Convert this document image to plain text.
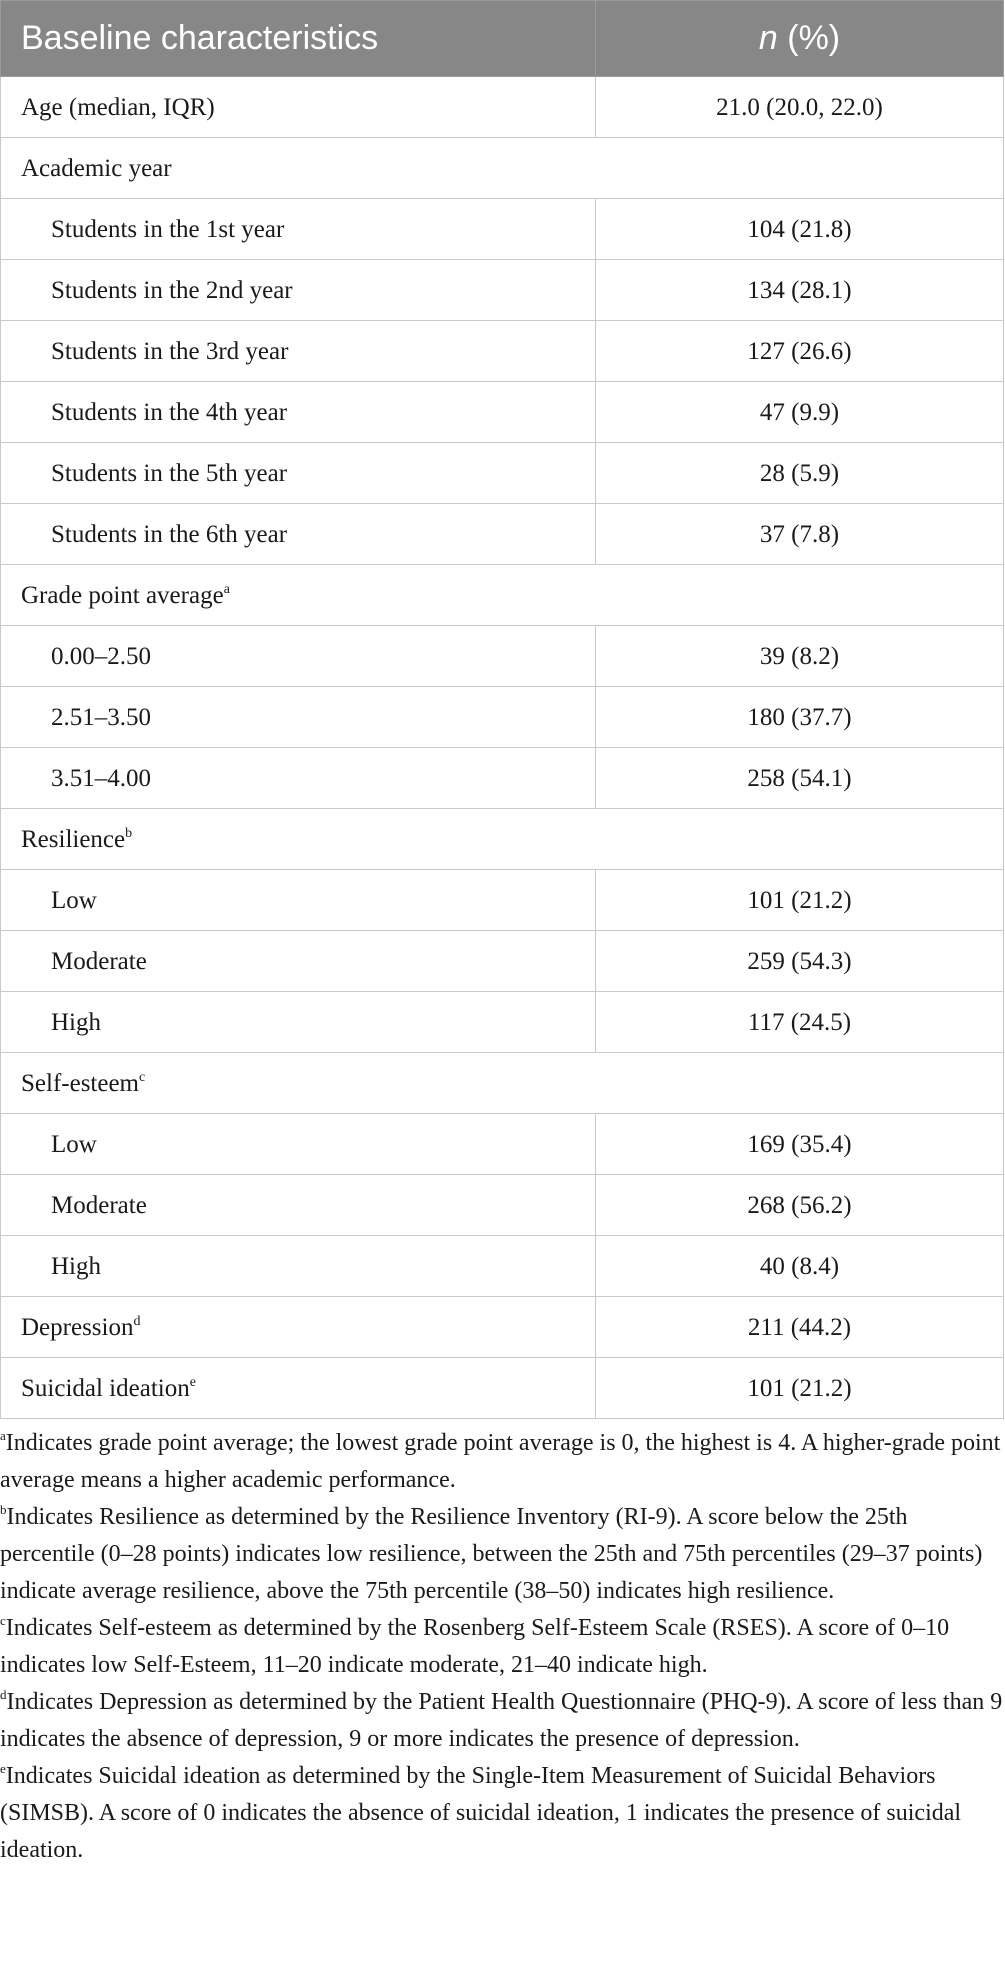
Baseline characteristics	n (%)
Age (median, IQR)	21.0 (20.0, 22.0)
Academic year	
Students in the 1st year	104 (21.8)
Students in the 2nd year	134 (28.1)
Students in the 3rd year	127 (26.6)
Students in the 4th year	47 (9.9)
Students in the 5th year	28 (5.9)
Students in the 6th year	37 (7.8)
Grade point average$^a$
0.00–2.50	39 (8.2)
2.51–3.50	180 (37.7)
3.51–4.00	258 (54.1)
Resilience$^b$
Low	101 (21.2)
Moderate	259 (54.3)
High	117 (24.5)
Self-esteem$^c$
Low	169 (35.4)
Moderate	268 (56.2)
High	40 (8.4)
Depression$^d$	211 (44.2)
Suicidal ideation$^e$	101 (21.2)

$^a$Indicates grade point average; the lowest grade point average is 0, the highest is 4. A higher-grade point average means a higher academic performance.

$^b$Indicates Resilience as determined by the Resilience Inventory (RI-9). A score below the 25th percentile (0–28 points) indicates low resilience, between the 25th and 75th percentiles (29–37 points) indicate average resilience, above the 75th percentile (38–50) indicates high resilience.

$^c$Indicates Self-esteem as determined by the Rosenberg Self-Esteem Scale (RSES). A score of 0–10 indicates low Self-Esteem, 11–20 indicate moderate, 21–40 indicate high.

$^d$Indicates Depression as determined by the Patient Health Questionnaire (PHQ-9). A score of less than 9 indicates the absence of depression, 9 or more indicates the presence of depression.

$^e$Indicates Suicidal ideation as determined by the Single-Item Measurement of Suicidal Behaviors (SIMSB). A score of 0 indicates the absence of suicidal ideation, 1 indicates the presence of suicidal ideation.
